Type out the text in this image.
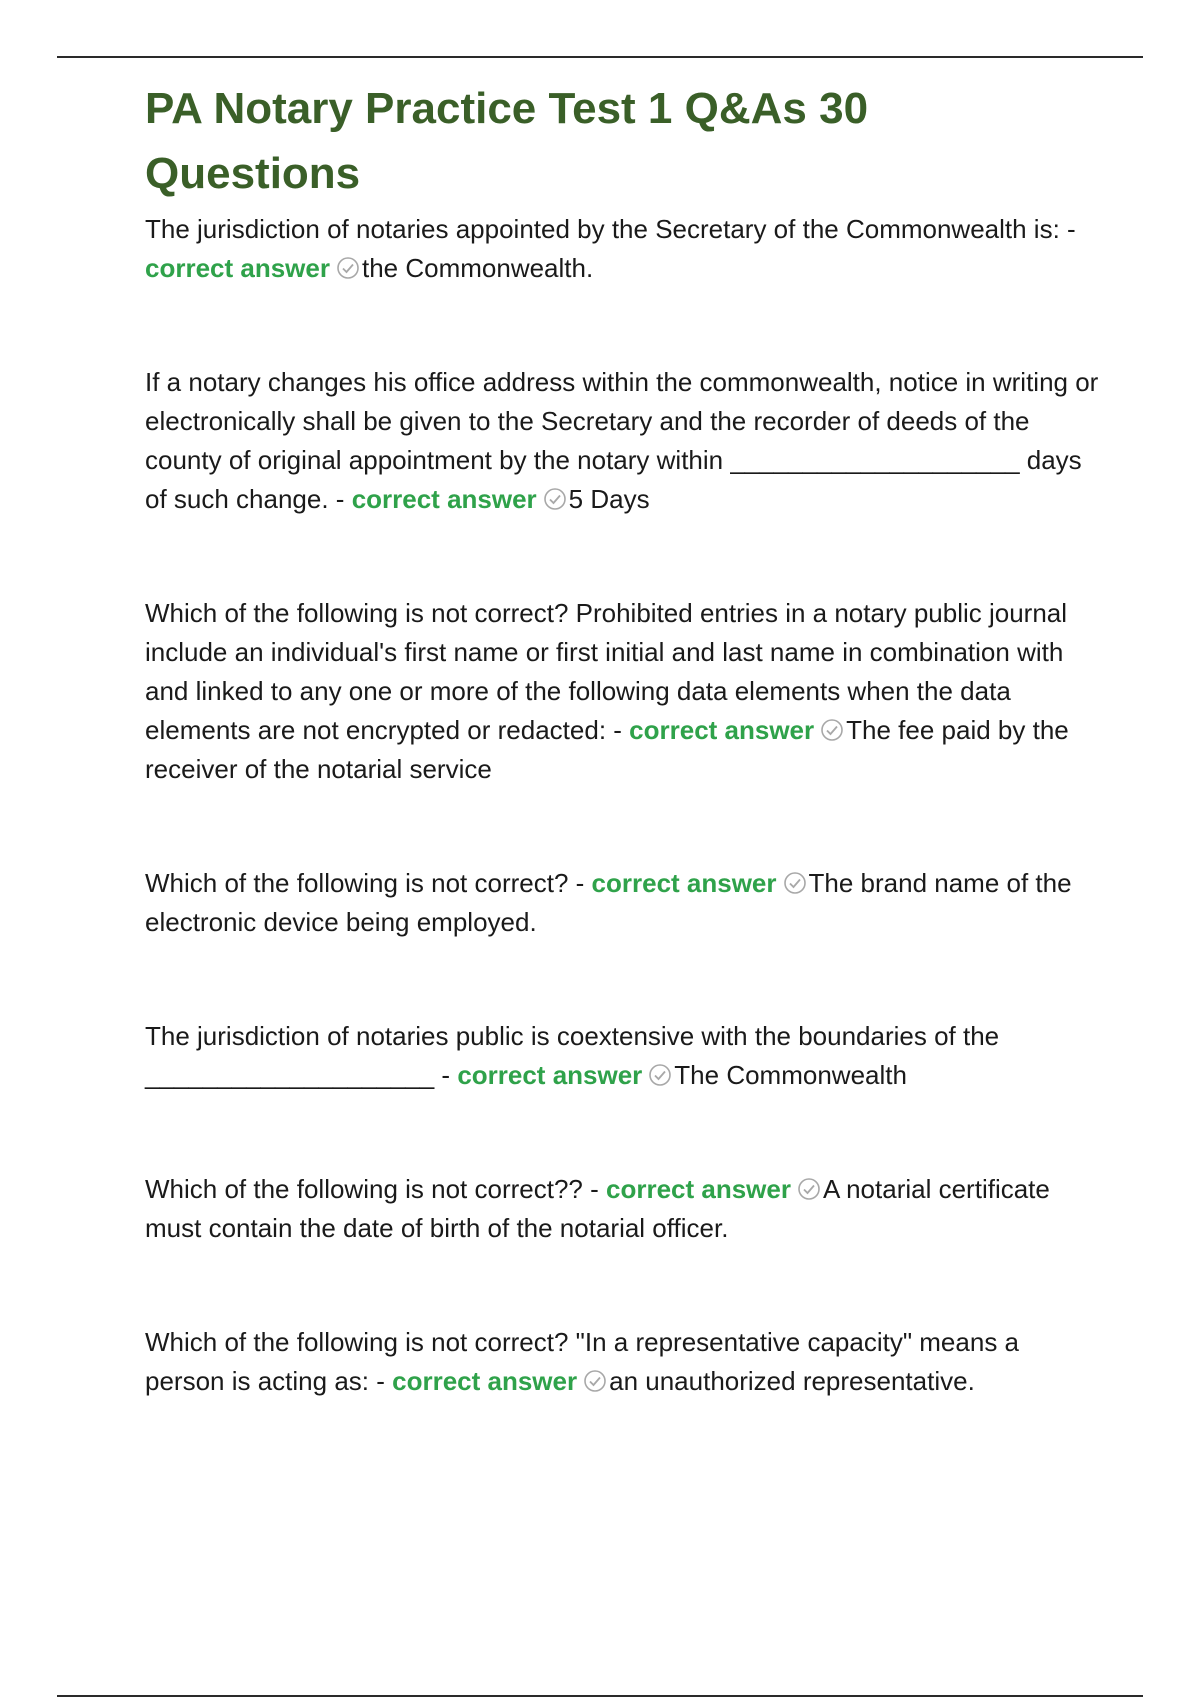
PA Notary Practice Test 1 Q&As 30 Questions
The jurisdiction of notaries appointed by the Secretary of the Commonwealth is: - correct answer the Commonwealth.
If a notary changes his office address within the commonwealth, notice in writing or electronically shall be given to the Secretary and the recorder of deeds of the county of original appointment by the notary within ____________________ days of such change. - correct answer 5 Days
Which of the following is not correct? Prohibited entries in a notary public journal include an individual's first name or first initial and last name in combination with and linked to any one or more of the following data elements when the data elements are not encrypted or redacted: - correct answer The fee paid by the receiver of the notarial service
Which of the following is not correct? - correct answer The brand name of the electronic device being employed.
The jurisdiction of notaries public is coextensive with the boundaries of the ____________________ - correct answer The Commonwealth
Which of the following is not correct?? - correct answer A notarial certificate must contain the date of birth of the notarial officer.
Which of the following is not correct? "In a representative capacity" means a person is acting as: - correct answer an unauthorized representative.
